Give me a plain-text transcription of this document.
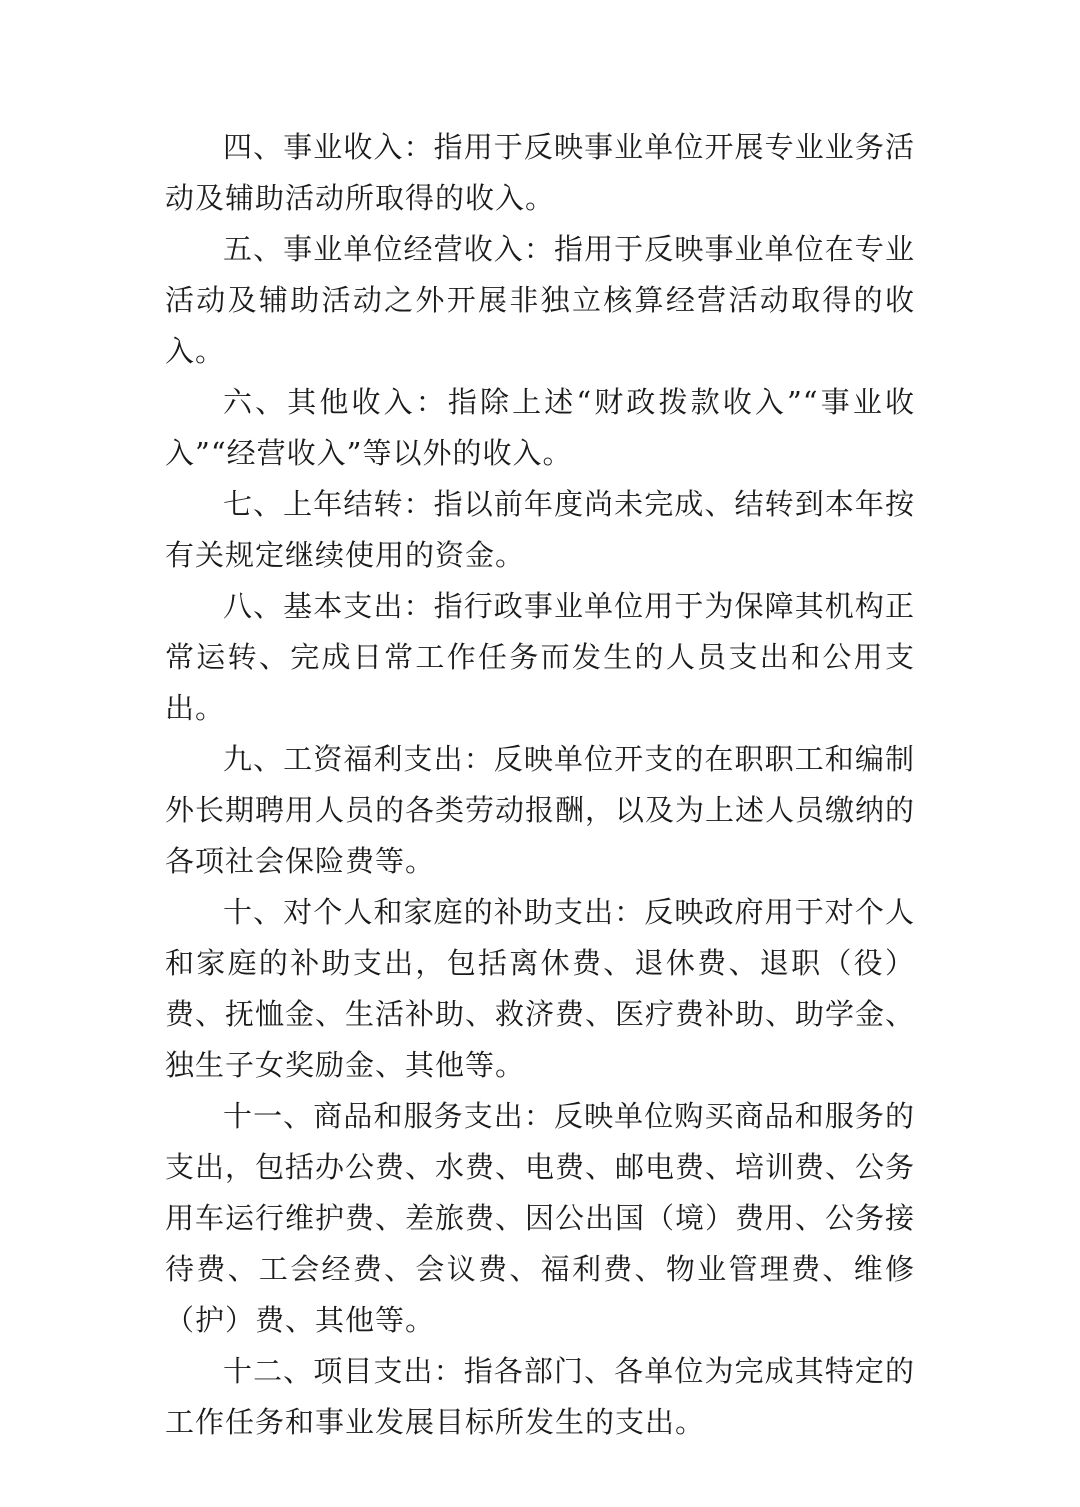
四、事业收入：指用于反映事业单位开展专业业务活动及辅助活动所取得的收入。

五、事业单位经营收入：指用于反映事业单位在专业活动及辅助活动之外开展非独立核算经营活动取得的收入。

六、其他收入：指除上述“财政拨款收入”“事业收入”“经营收入”等以外的收入。

七、上年结转：指以前年度尚未完成、结转到本年按有关规定继续使用的资金。

八、基本支出：指行政事业单位用于为保障其机构正常运转、完成日常工作任务而发生的人员支出和公用支出。

九、工资福利支出：反映单位开支的在职职工和编制外长期聘用人员的各类劳动报酬，以及为上述人员缴纳的各项社会保险费等。

十、对个人和家庭的补助支出：反映政府用于对个人和家庭的补助支出，包括离休费、退休费、退职（役）费、抚恤金、生活补助、救济费、医疗费补助、助学金、独生子女奖励金、其他等。

十一、商品和服务支出：反映单位购买商品和服务的支出，包括办公费、水费、电费、邮电费、培训费、公务用车运行维护费、差旅费、因公出国（境）费用、公务接待费、工会经费、会议费、福利费、物业管理费、维修（护）费、其他等。

十二、项目支出：指各部门、各单位为完成其特定的工作任务和事业发展目标所发生的支出。
